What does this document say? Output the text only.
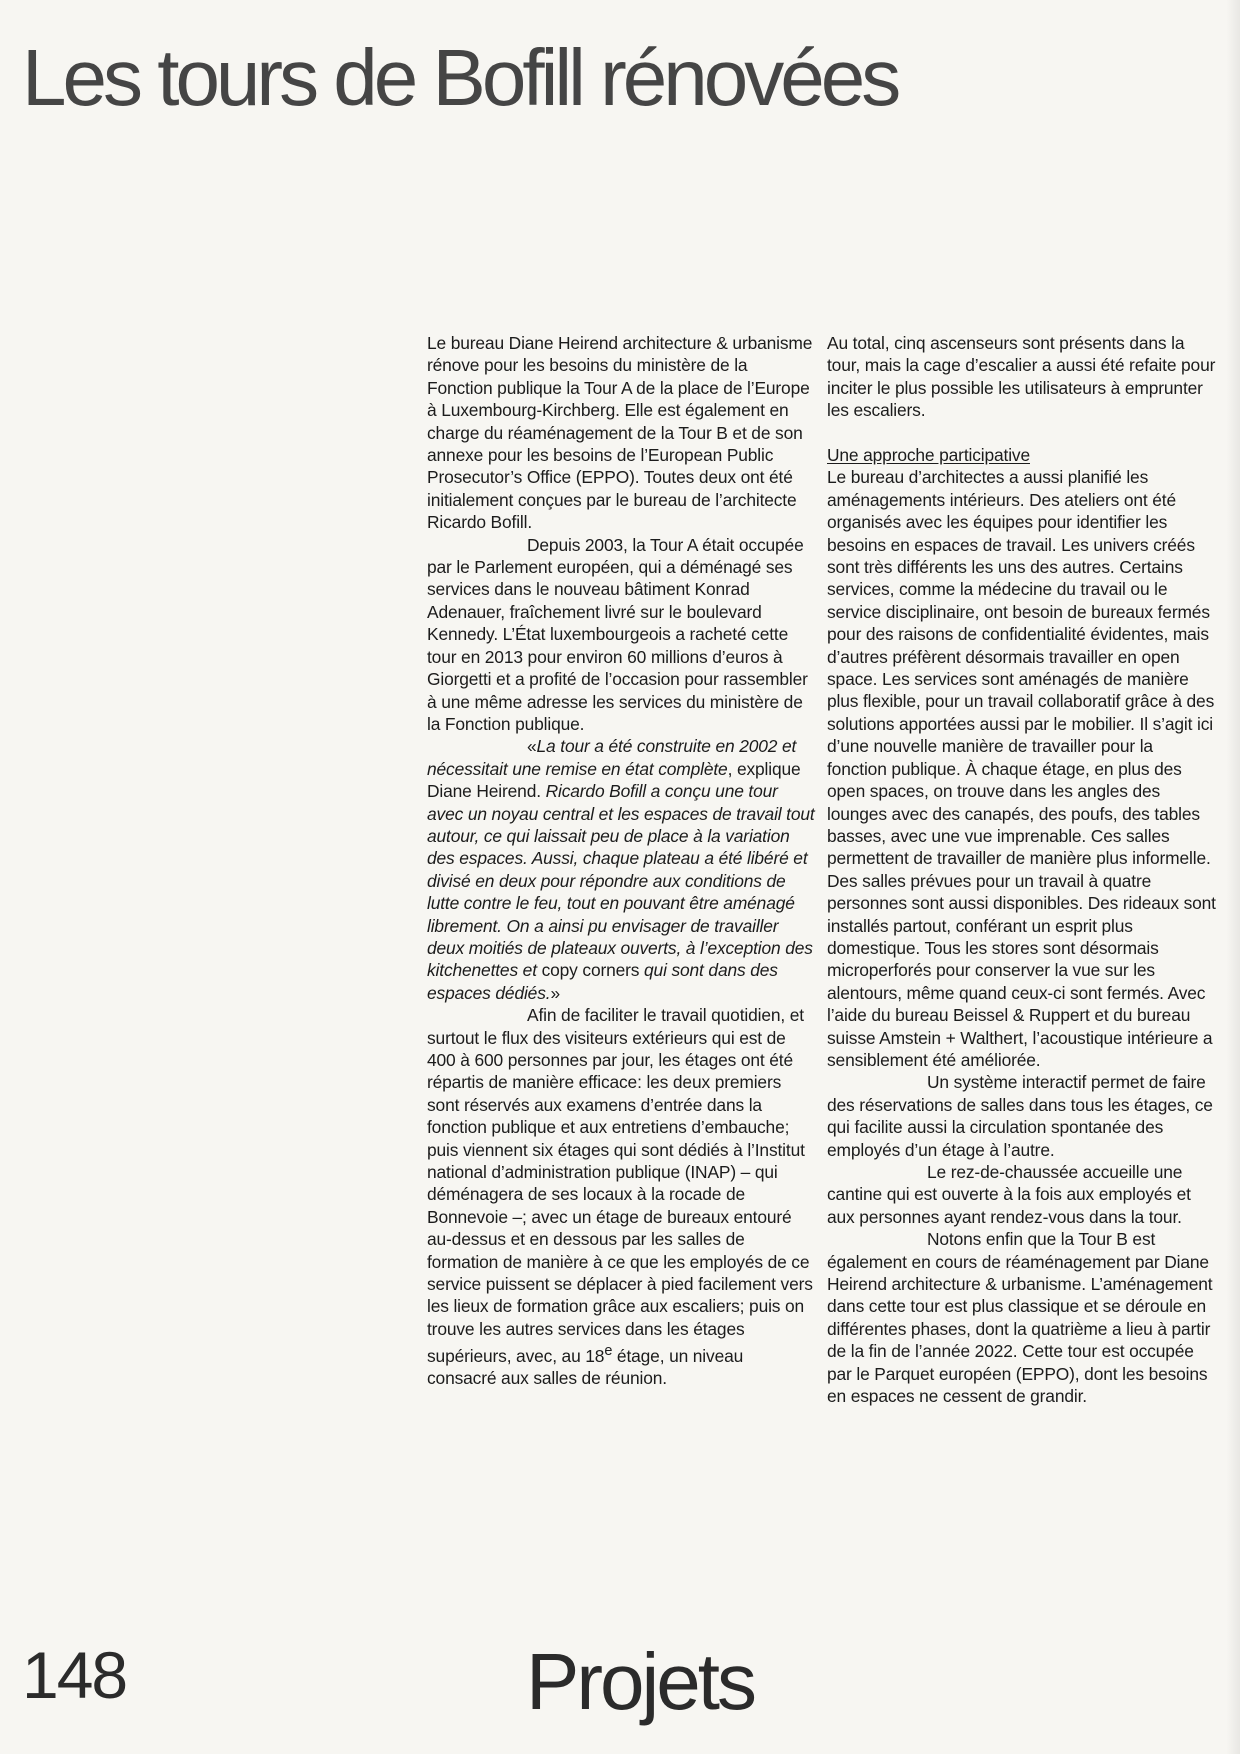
Les tours de Bofill rénovées

Le bureau Diane Heirend architecture & urbanisme rénove pour les besoins du ministère de la Fonction publique la Tour A de la place de l’Europe à Luxembourg-Kirchberg. Elle est également en charge du réaménagement de la Tour B et de son annexe pour les besoins de l’European Public Prosecutor’s Office (EPPO). Toutes deux ont été initialement conçues par le bureau de l’architecte Ricardo Bofill.

Depuis 2003, la Tour A était occupée par le Parlement européen, qui a déménagé ses services dans le nouveau bâtiment Konrad Adenauer, fraîchement livré sur le boulevard Kennedy. L’État luxembourgeois a racheté cette tour en 2013 pour environ 60 millions d’euros à Giorgetti et a profité de l’occasion pour rassembler à une même adresse les services du ministère de la Fonction publique.

«La tour a été construite en 2002 et nécessitait une remise en état complète, explique Diane Heirend. Ricardo Bofill a conçu une tour avec un noyau central et les espaces de travail tout autour, ce qui laissait peu de place à la variation des espaces. Aussi, chaque plateau a été libéré et divisé en deux pour répondre aux conditions de lutte contre le feu, tout en pouvant être aménagé librement. On a ainsi pu envisager de travailler deux moitiés de plateaux ouverts, à l’exception des kitchenettes et copy corners qui sont dans des espaces dédiés.»

Afin de faciliter le travail quotidien, et surtout le flux des visiteurs extérieurs qui est de 400 à 600 personnes par jour, les étages ont été répartis de manière efficace: les deux premiers sont réservés aux examens d’entrée dans la fonction publique et aux entretiens d’embauche; puis viennent six étages qui sont dédiés à l’Institut national d’administration publique (INAP) – qui déménagera de ses locaux à la rocade de Bonnevoie –; avec un étage de bureaux entouré au-dessus et en dessous par les salles de formation de manière à ce que les employés de ce service puissent se déplacer à pied facilement vers les lieux de formation grâce aux escaliers; puis on trouve les autres services dans les étages supérieurs, avec, au 18e étage, un niveau consacré aux salles de réunion.

Au total, cinq ascenseurs sont présents dans la tour, mais la cage d’escalier a aussi été refaite pour inciter le plus possible les utilisateurs à emprunter les escaliers.

Une approche participative

Le bureau d’architectes a aussi planifié les aménagements intérieurs. Des ateliers ont été organisés avec les équipes pour identifier les besoins en espaces de travail. Les univers créés sont très différents les uns des autres. Certains services, comme la médecine du travail ou le service disciplinaire, ont besoin de bureaux fermés pour des raisons de confidentialité évidentes, mais d’autres préfèrent désormais travailler en open space. Les services sont aménagés de manière plus flexible, pour un travail collaboratif grâce à des solutions apportées aussi par le mobilier. Il s’agit ici d’une nouvelle manière de travailler pour la fonction publique. À chaque étage, en plus des open spaces, on trouve dans les angles des lounges avec des canapés, des poufs, des tables basses, avec une vue imprenable. Ces salles permettent de travailler de manière plus informelle. Des salles prévues pour un travail à quatre personnes sont aussi disponibles. Des rideaux sont installés partout, conférant un esprit plus domestique. Tous les stores sont désormais microperforés pour conserver la vue sur les alentours, même quand ceux-ci sont fermés. Avec l’aide du bureau Beissel & Ruppert et du bureau suisse Amstein + Walthert, l’acoustique intérieure a sensiblement été améliorée.

Un système interactif permet de faire des réservations de salles dans tous les étages, ce qui facilite aussi la circulation spontanée des employés d’un étage à l’autre.

Le rez-de-chaussée accueille une cantine qui est ouverte à la fois aux employés et aux personnes ayant rendez-vous dans la tour.

Notons enfin que la Tour B est également en cours de réaménagement par Diane Heirend architecture & urbanisme. L’aménagement dans cette tour est plus classique et se déroule en différentes phases, dont la quatrième a lieu à partir de la fin de l’année 2022. Cette tour est occupée par le Parquet européen (EPPO), dont les besoins en espaces ne cessent de grandir.

148	Projets
